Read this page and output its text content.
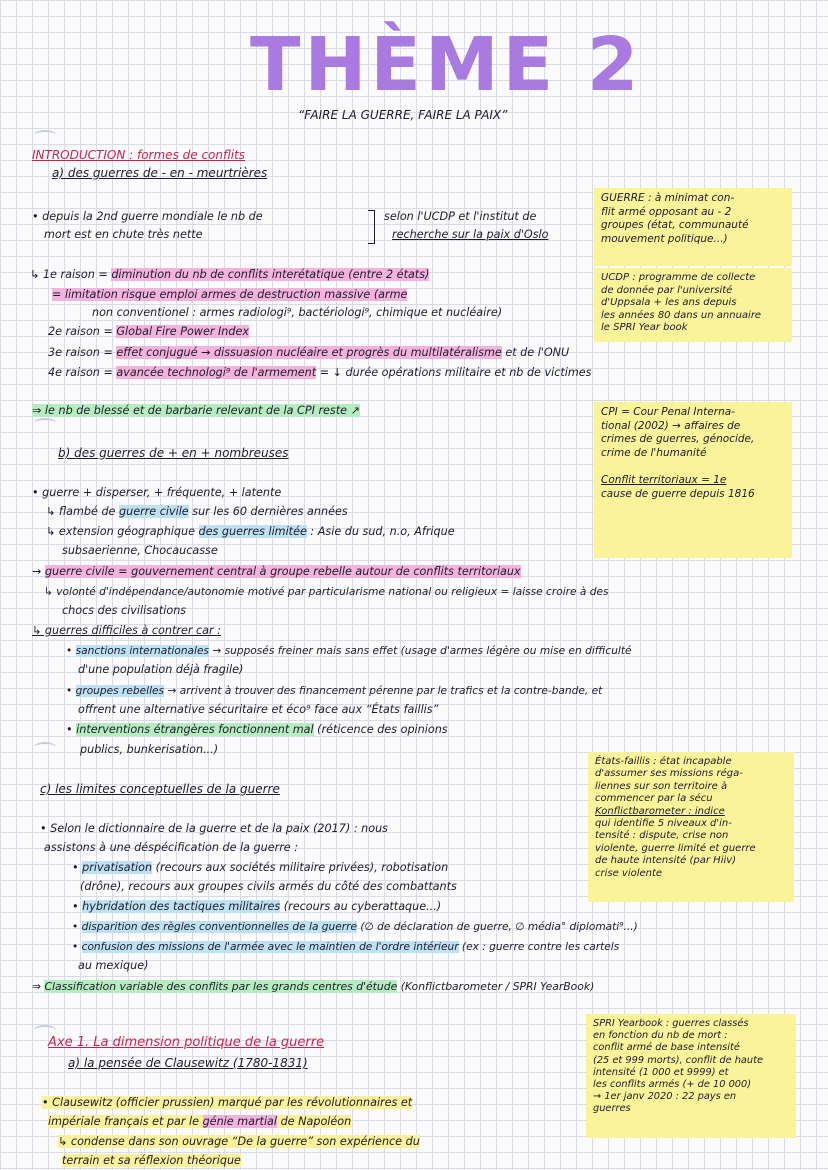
THÈME 2
“FAIRE LA GUERRE, FAIRE LA PAIX”
INTRODUCTION : formes de conflits
a) des guerres de - en - meurtrières
• depuis la 2nd guerre mondiale le nb de
mort est en chute très nette
selon l'UCDP et l'institut de
recherche sur la paix d'Oslo
↳ 1e raison = diminution du nb de conflits interétatique (entre 2 états)
= limitation risque emploi armes de destruction massive (arme
non conventionel : armes radiologi⁹, bactériologi⁹, chimique et nucléaire)
2e raison = Global Fire Power Index
3e raison = effet conjugué → dissuasion nucléaire et progrès du multilatéralisme et de l'ONU
4e raison = avancée technologi⁹ de l'armement = ↓ durée opérations militaire et nb de victimes
⇒ le nb de blessé et de barbarie relevant de la CPI reste ↗
b) des guerres de + en + nombreuses
• guerre + disperser, + fréquente, + latente
↳ flambé de guerre civile sur les 60 dernières années
↳ extension géographique des guerres limitée : Asie du sud, n.o, Afrique
subsaerienne, Chocaucasse
→ guerre civile = gouvernement central à groupe rebelle autour de conflits territoriaux
↳ volonté d'indépendance/autonomie motivé par particularisme national ou religieux = laisse croire à des
chocs des civilisations
↳ guerres difficiles à contrer car :
• sanctions internationales → supposés freiner mais sans effet (usage d'armes légère ou mise en difficulté
d'une population déjà fragile)
• groupes rebelles → arrivent à trouver des financement pérenne par le trafics et la contre-bande, et
offrent une alternative sécuritaire et éco⁹ face aux “États faillis”
• interventions étrangères fonctionnent mal (réticence des opinions
publics, bunkerisation...)
c) les limites conceptuelles de la guerre
• Selon le dictionnaire de la guerre et de la paix (2017) : nous
assistons à une déspécification de la guerre :
• privatisation (recours aux sociétés militaire privées), robotisation
(drône), recours aux groupes civils armés du côté des combattants
• hybridation des tactiques militaires (recours au cyberattaque...)
• disparition des règles conventionnelles de la guerre (∅ de déclaration de guerre, ∅ média° diplomati⁹...)
• confusion des missions de l'armée avec le maintien de l'ordre intérieur (ex : guerre contre les cartels
au mexique)
⇒ Classification variable des conflits par les grands centres d'étude (Konflictbarometer / SPRI YearBook)
Axe 1. La dimension politique de la guerre
a) la pensée de Clausewitz (1780-1831)
• Clausewitz (officier prussien) marqué par les révolutionnaires et
impériale français et par le génie martial de Napoléon
↳ condense dans son ouvrage “De la guerre” son expérience du
terrain et sa réflexion théorique

GUERRE : à minimat con-

flit armé opposant au - 2

groupes (état, communauté

mouvement politique...)

UCDP : programme de collecte

de donnée par l'université

d'Uppsala + les ans depuis

les années 80 dans un annuaire

le SPRI Year book

CPI = Cour Penal Interna-

tional (2002) → affaires de

crimes de guerres, génocide,

crime de l'humanité

Conflit territoriaux = 1e

cause de guerre depuis 1816

États-faillis : état incapable

d'assumer ses missions réga-

liennes sur son territoire à

commencer par la sécu

Konflictbarometer : indice

qui identifie 5 niveaux d'in-

tensité : dispute, crise non

violente, guerre limité et guerre

de haute intensité (par Hiiv)

crise violente

SPRI Yearbook : guerres classés

en fonction du nb de mort :

conflit armé de base intensité

(25 et 999 morts), conflit de haute

intensité (1 000 et 9999) et

les conflits armés (+ de 10 000)

→ 1er janv 2020 : 22 pays en

guerres
